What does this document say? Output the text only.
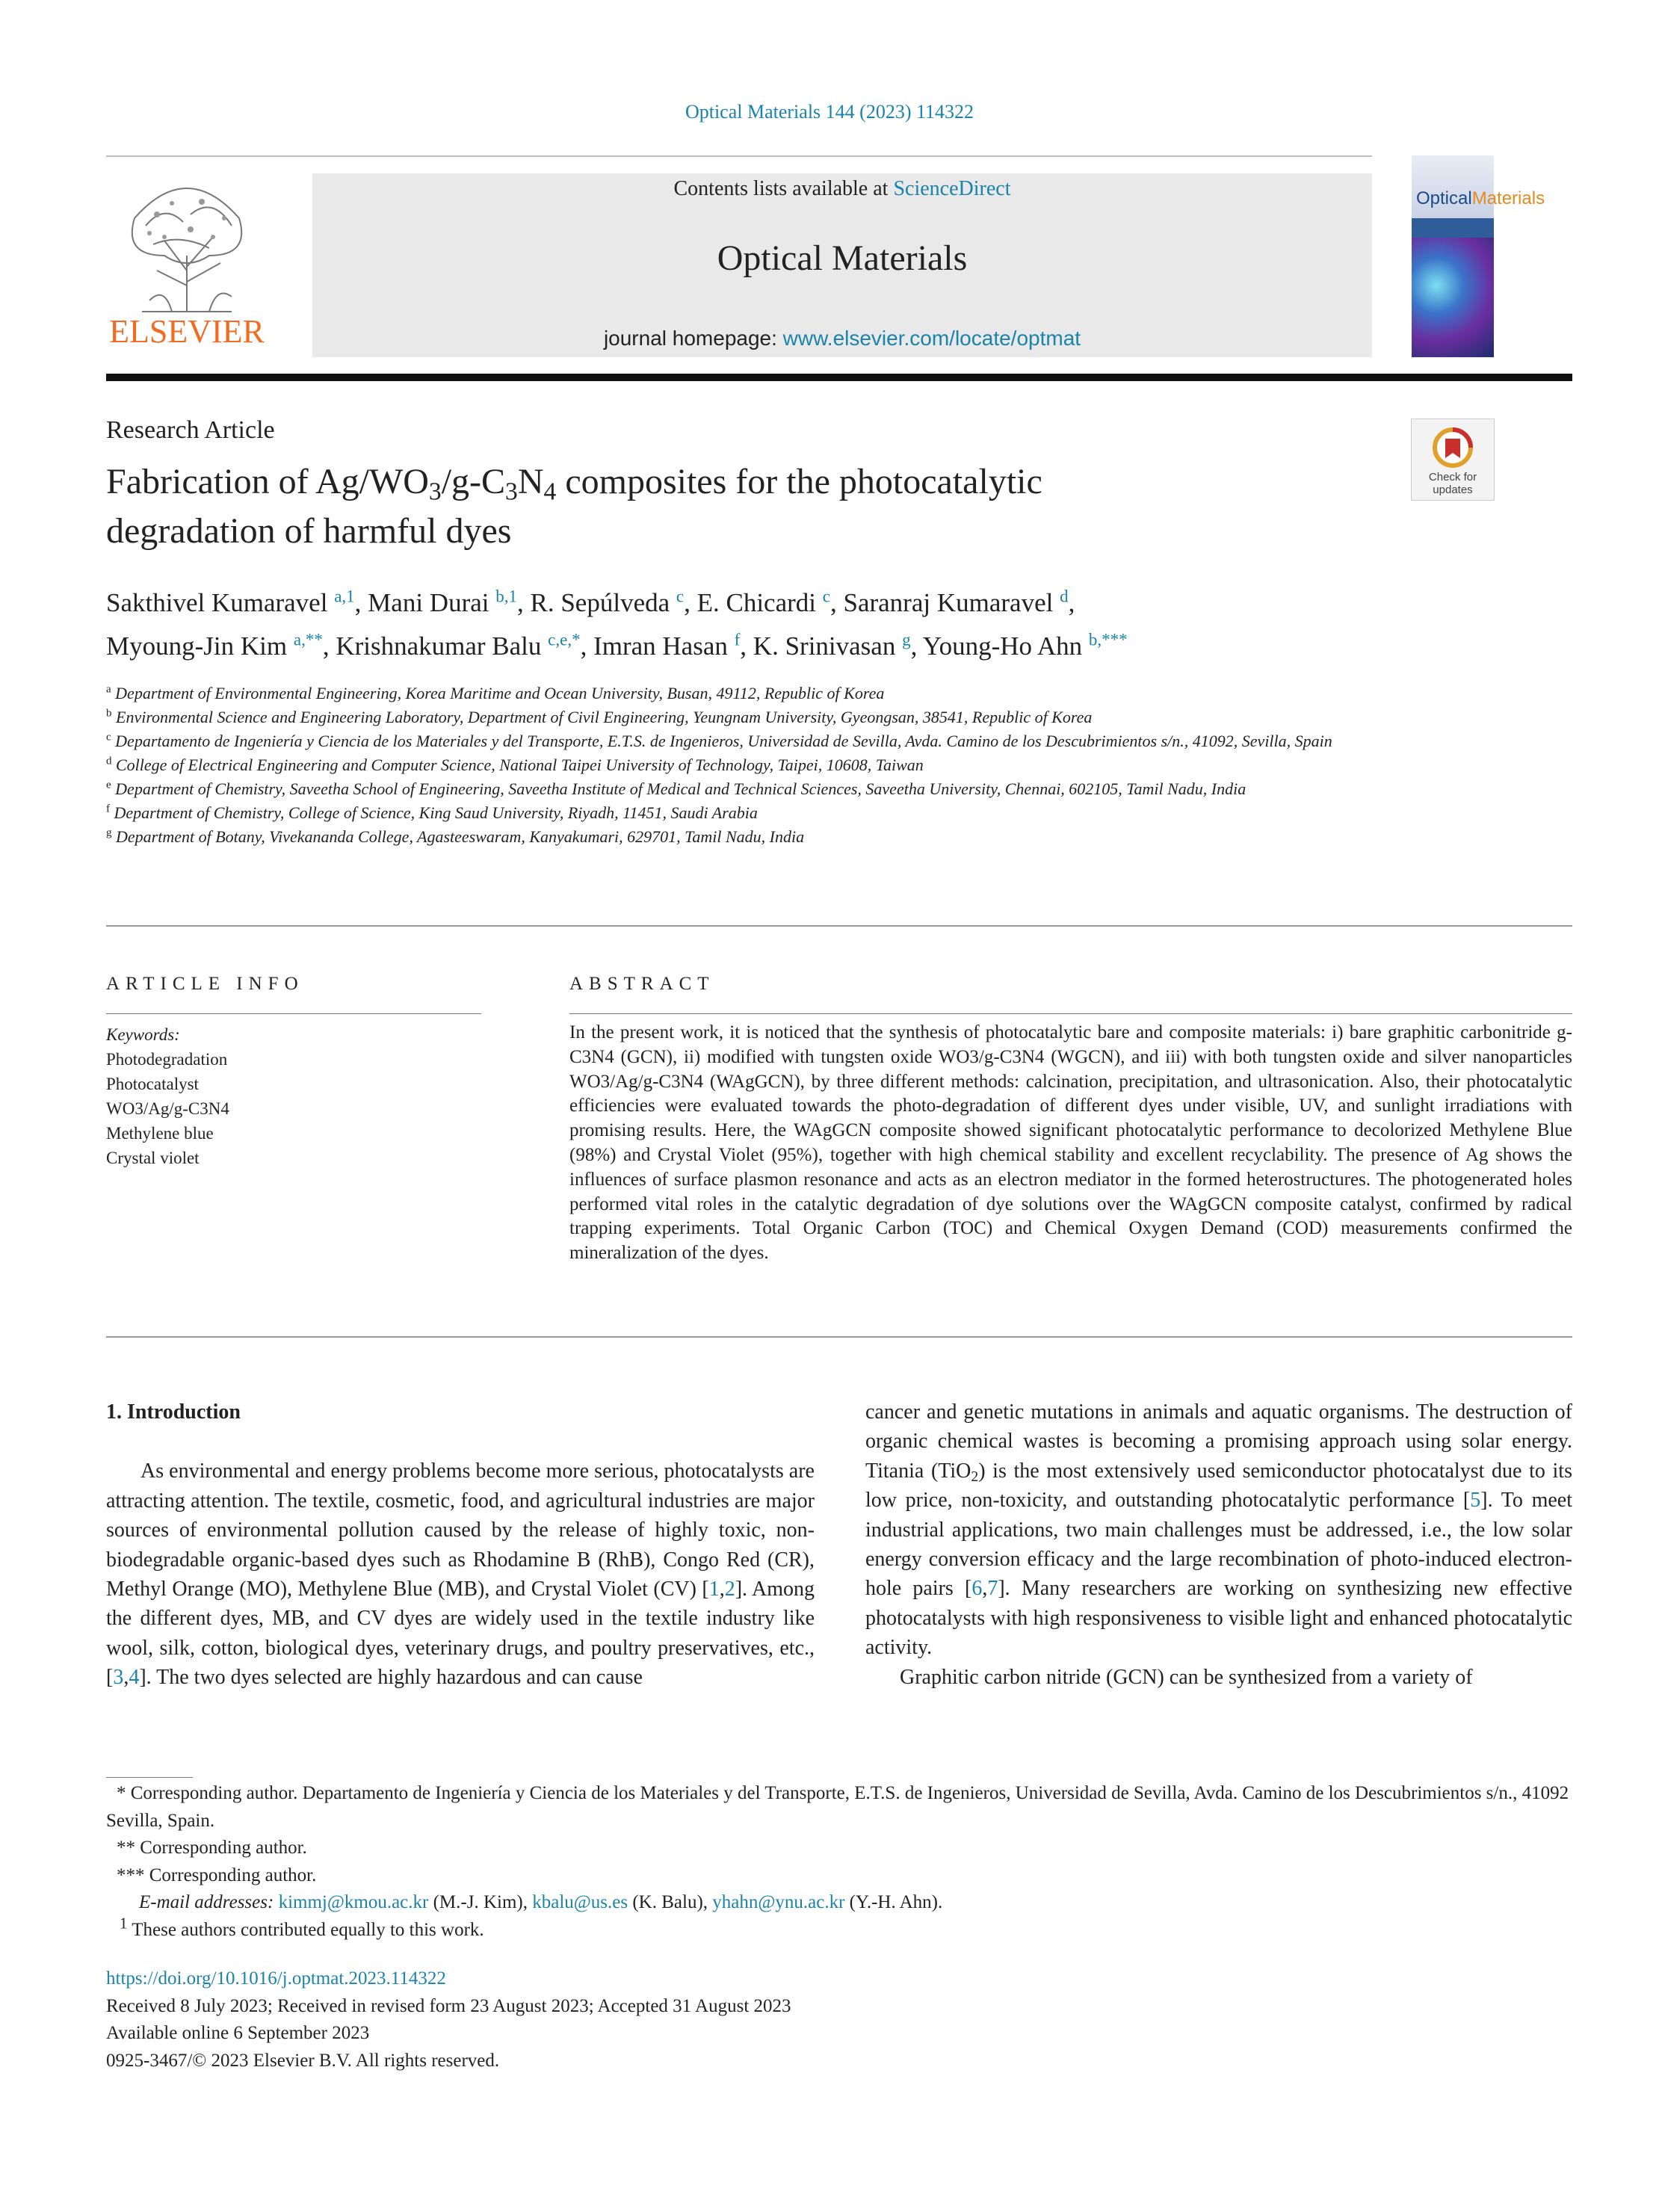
Optical Materials 144 (2023) 114322
ELSEVIER
Contents lists available at ScienceDirect
Optical Materials
journal homepage: www.elsevier.com/locate/optmat
OpticalMaterials
Research Article
Fabrication of $Ag/WO_3/g-C_3N_4$ composites for the photocatalytic
degradation of harmful dyes
Check for
updates
Sakthivel Kumaravel $^{a,1}$, Mani Durai $^{b,1}$, R. Sepúlveda $^c$, E. Chicardi $^c$, Saranraj Kumaravel $^d$,
Myoung-Jin Kim $^{a,**}$, Krishnakumar Balu $^{c,e,*}$, Imran Hasan $^f$, K. Srinivasan $^g$, Young-Ho Ahn $^{b,***}$

$^a$ Department of Environmental Engineering, Korea Maritime and Ocean University, Busan, 49112, Republic of Korea

$^b$ Environmental Science and Engineering Laboratory, Department of Civil Engineering, Yeungnam University, Gyeongsan, 38541, Republic of Korea

$^c$ Departamento de Ingeniería y Ciencia de los Materiales y del Transporte, E.T.S. de Ingenieros, Universidad de Sevilla, Avda. Camino de los Descubrimientos s/n., 41092, Sevilla, Spain

$^d$ College of Electrical Engineering and Computer Science, National Taipei University of Technology, Taipei, 10608, Taiwan

$^e$ Department of Chemistry, Saveetha School of Engineering, Saveetha Institute of Medical and Technical Sciences, Saveetha University, Chennai, 602105, Tamil Nadu, India

$^f$ Department of Chemistry, College of Science, King Saud University, Riyadh, 11451, Saudi Arabia

$^g$ Department of Botany, Vivekananda College, Agasteeswaram, Kanyakumari, 629701, Tamil Nadu, India

ARTICLE INFO	ABSTRACT
Keywords:
Photodegradation
Photocatalyst
WO3/Ag/g-C3N4
Methylene blue
Crystal violet
In the present work, it is noticed that the synthesis of photocatalytic bare and composite materials: i) bare graphitic carbonitride g-C3N4 (GCN), ii) modified with tungsten oxide WO3/g-C3N4 (WGCN), and iii) with both tungsten oxide and silver nanoparticles WO3/Ag/g-C3N4 (WAgGCN), by three different methods: calcination, precipitation, and ultrasonication. Also, their photocatalytic efficiencies were evaluated towards the photo-degradation of different dyes under visible, UV, and sunlight irradiations with promising results. Here, the WAgGCN composite showed significant photocatalytic performance to decolorized Methylene Blue (98%) and Crystal Violet (95%), together with high chemical stability and excellent recyclability. The presence of Ag shows the influences of surface plasmon resonance and acts as an electron mediator in the formed heterostructures. The photogenerated holes performed vital roles in the catalytic degradation of dye solutions over the WAgGCN composite catalyst, confirmed by radical trapping experiments. Total Organic Carbon (TOC) and Chemical Oxygen Demand (COD) measurements confirmed the mineralization of the dyes.

1. Introduction

As environmental and energy problems become more serious, photocatalysts are attracting attention. The textile, cosmetic, food, and agricultural industries are major sources of environmental pollution caused by the release of highly toxic, non-biodegradable organic-based dyes such as Rhodamine B (RhB), Congo Red (CR), Methyl Orange (MO), Methylene Blue (MB), and Crystal Violet (CV) [1,2]. Among the different dyes, MB, and CV dyes are widely used in the textile industry like wool, silk, cotton, biological dyes, veterinary drugs, and poultry preservatives, etc., [3,4]. The two dyes selected are highly hazardous and can cause

cancer and genetic mutations in animals and aquatic organisms. The destruction of organic chemical wastes is becoming a promising approach using solar energy. Titania (TiO$_2$) is the most extensively used semiconductor photocatalyst due to its low price, non-toxicity, and outstanding photocatalytic performance [5]. To meet industrial applications, two main challenges must be addressed, i.e., the low solar energy conversion efficacy and the large recombination of photo-induced electron-hole pairs [6,7]. Many researchers are working on synthesizing new effective photocatalysts with high responsiveness to visible light and enhanced photocatalytic activity.

Graphitic carbon nitride (GCN) can be synthesized from a variety of

* Corresponding author. Departamento de Ingeniería y Ciencia de los Materiales y del Transporte, E.T.S. de Ingenieros, Universidad de Sevilla, Avda. Camino de los Descubrimientos s/n., 41092 Sevilla, Spain.

** Corresponding author.

*** Corresponding author.

E-mail addresses: kimmj@kmou.ac.kr (M.-J. Kim), kbalu@us.es (K. Balu), yhahn@ynu.ac.kr (Y.-H. Ahn).

$^1$ These authors contributed equally to this work.

https://doi.org/10.1016/j.optmat.2023.114322

Received 8 July 2023; Received in revised form 23 August 2023; Accepted 31 August 2023

Available online 6 September 2023

0925-3467/© 2023 Elsevier B.V. All rights reserved.
